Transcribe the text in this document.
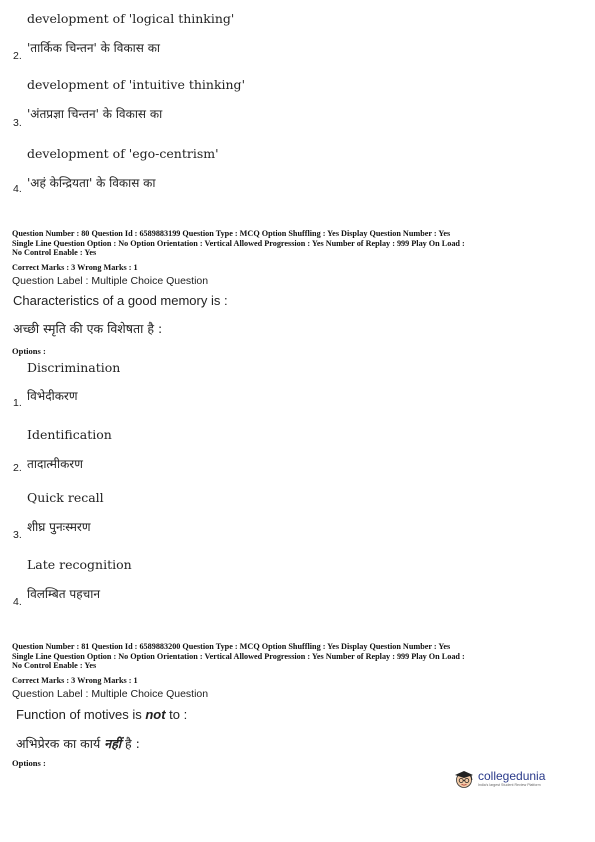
development of 'logical thinking'
'तार्किक चिन्तन' के विकास का
2.
development of 'intuitive thinking'
'अंतप्रज्ञा चिन्तन' के विकास का
3.
development of 'ego-centrism'
'अहं केन्द्रियता' के विकास का
4.
Question Number : 80 Question Id : 6589883199 Question Type : MCQ Option Shuffling : Yes Display Question Number : Yes
Single Line Question Option : No Option Orientation : Vertical Allowed Progression : Yes Number of Replay : 999 Play On Load :
No Control Enable : Yes
Correct Marks : 3 Wrong Marks : 1
Question Label : Multiple Choice Question
Characteristics of a good memory is :
अच्छी स्मृति की एक विशेषता है :
Options :
Discrimination
विभेदीकरण
1.
Identification
तादात्मीकरण
2.
Quick recall
शीघ्र पुनःस्मरण
3.
Late recognition
विलम्बित पहचान
4.
Question Number : 81 Question Id : 6589883200 Question Type : MCQ Option Shuffling : Yes Display Question Number : Yes
Single Line Question Option : No Option Orientation : Vertical Allowed Progression : Yes Number of Replay : 999 Play On Load :
No Control Enable : Yes
Correct Marks : 3 Wrong Marks : 1
Question Label : Multiple Choice Question
Function of motives is not to :
अभिप्रेरक का कार्य नहीं है :
Options :
collegedunia
India's largest Student Review Platform
